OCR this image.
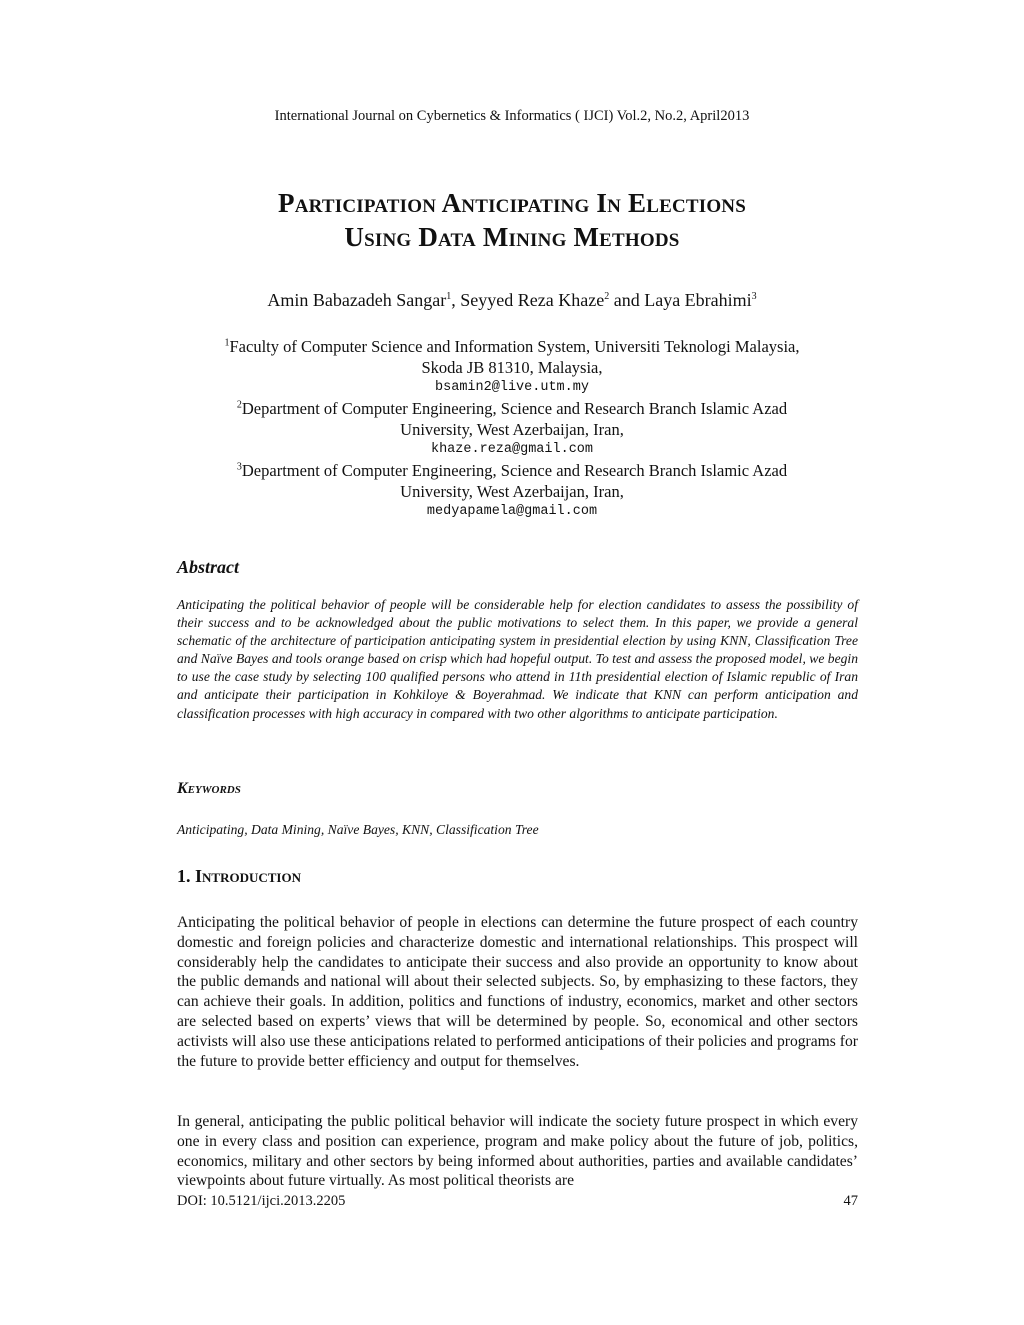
International Journal on Cybernetics & Informatics ( IJCI) Vol.2, No.2, April2013
Participation Anticipating In Elections
Using Data Mining Methods
Amin Babazadeh Sangar$^1$, Seyyed Reza Khaze$^2$ and Laya Ebrahimi$^3$
$^1$Faculty of Computer Science and Information System, Universiti Teknologi Malaysia,
Skoda JB 81310, Malaysia,
bsamin2@live.utm.my
$^2$Department of Computer Engineering, Science and Research Branch Islamic Azad
University, West Azerbaijan, Iran,
khaze.reza@gmail.com
$^3$Department of Computer Engineering, Science and Research Branch Islamic Azad
University, West Azerbaijan, Iran,
medyapamela@gmail.com
Abstract

Anticipating the political behavior of people will be considerable help for election candidates to assess the possibility of their success and to be acknowledged about the public motivations to select them. In this paper, we provide a general schematic of the architecture of participation anticipating system in presidential election by using KNN, Classification Tree and Naïve Bayes and tools orange based on crisp which had hopeful output. To test and assess the proposed model, we begin to use the case study by selecting 100 qualified persons who attend in 11th presidential election of Islamic republic of Iran and anticipate their participation in Kohkiloye & Boyerahmad. We indicate that KNN can perform anticipation and classification processes with high accuracy in compared with two other algorithms to anticipate participation.

Keywords

Anticipating, Data Mining, Naïve Bayes, KNN, Classification Tree

1. Introduction

Anticipating the political behavior of people in elections can determine the future prospect of each country domestic and foreign policies and characterize domestic and international relationships. This prospect will considerably help the candidates to anticipate their success and also provide an opportunity to know about the public demands and national will about their selected subjects. So, by emphasizing to these factors, they can achieve their goals. In addition, politics and functions of industry, economics, market and other sectors are selected based on experts’ views that will be determined by people. So, economical and other sectors activists will also use these anticipations related to performed anticipations of their policies and programs for the future to provide better efficiency and output for themselves.

In general, anticipating the public political behavior will indicate the society future prospect in which every one in every class and position can experience, program and make policy about the future of job, politics, economics, military and other sectors by being informed about authorities, parties and available candidates’ viewpoints about future virtually. As most political theorists are

DOI: 10.5121/ijci.2013.2205	47
